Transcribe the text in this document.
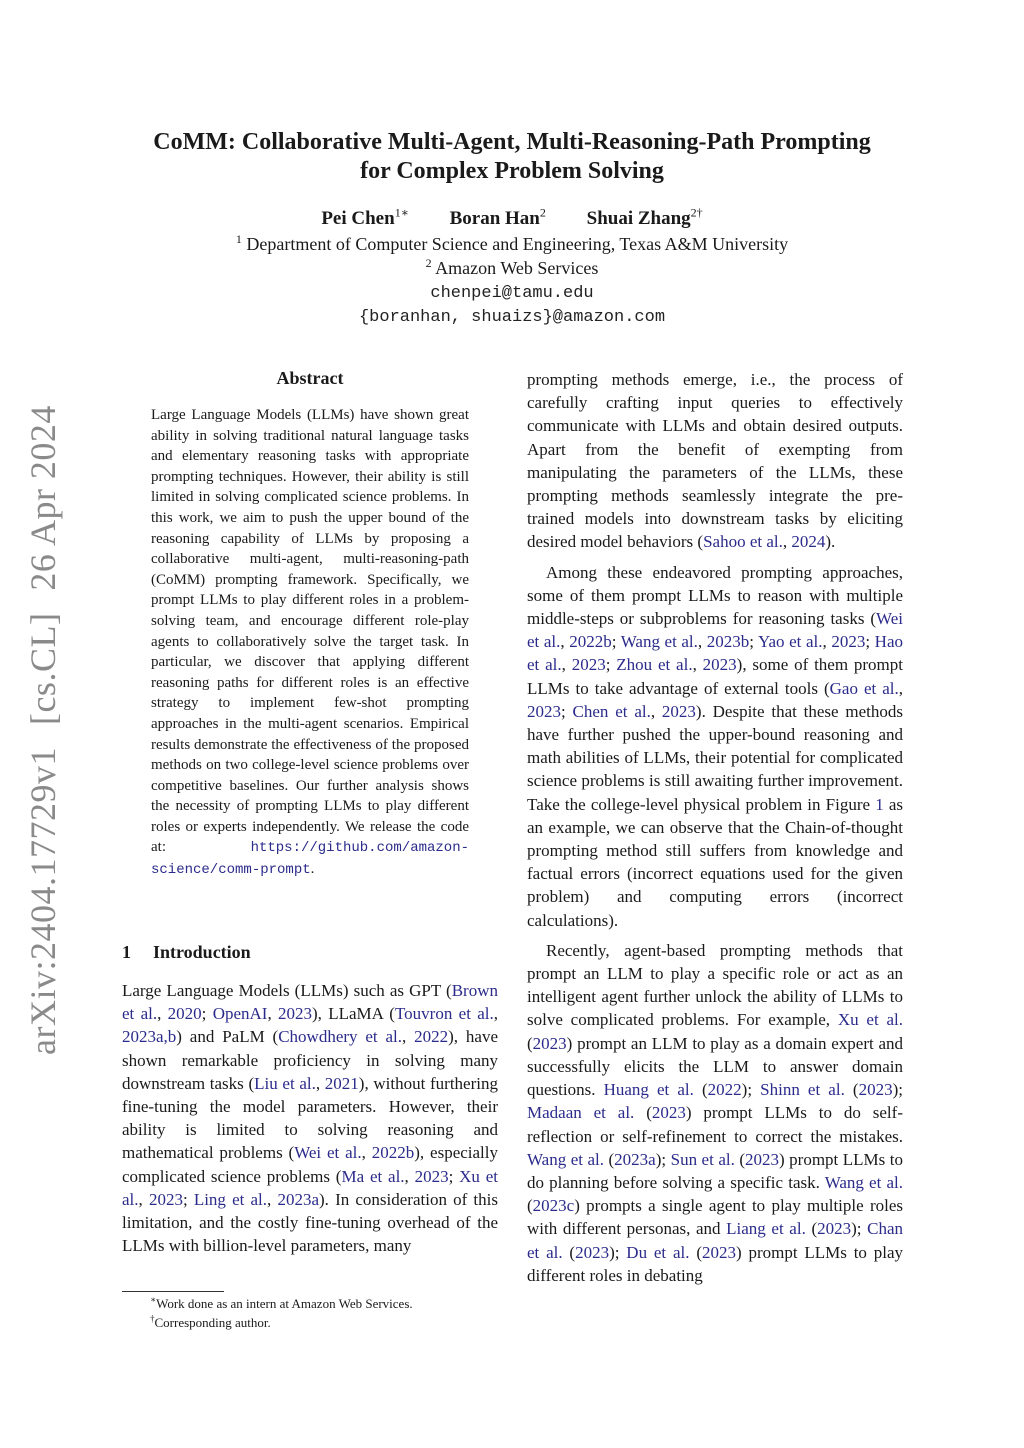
arXiv:2404.17729v1[cs.CL]26 Apr 2024
CoMM: Collaborative Multi-Agent, Multi-Reasoning-Path Prompting
for Complex Problem Solving
Pei Chen$^{1∗}$ Boran Han$^2$ Shuai Zhang$^{2\dagger}$
$^1$ Department of Computer Science and Engineering, Texas A&M University
$^2$ Amazon Web Services
chenpei@tamu.edu
{boranhan, shuaizs}@amazon.com
Abstract
Large Language Models (LLMs) have shown great ability in solving traditional natural language tasks and elementary reasoning tasks with appropriate prompting techniques. However, their ability is still limited in solving complicated science problems. In this work, we aim to push the upper bound of the reasoning capability of LLMs by proposing a collaborative multi-agent, multi-reasoning-path (CoMM) prompting framework. Specifically, we prompt LLMs to play different roles in a problem-solving team, and encourage different role-play agents to collaboratively solve the target task. In particular, we discover that applying different reasoning paths for different roles is an effective strategy to implement few-shot prompting approaches in the multi-agent scenarios. Empirical results demonstrate the effectiveness of the proposed methods on two college-level science problems over competitive baselines. Our further analysis shows the necessity of prompting LLMs to play different roles or experts independently. We release the code at:	https://github.com/amazon-science/comm-prompt.
1 Introduction
Large Language Models (LLMs) such as GPT (Brown et al., 2020; OpenAI, 2023), LLaMA (Touvron et al., 2023a,b) and PaLM (Chowdhery et al., 2022), have shown remarkable proficiency in solving many downstream tasks (Liu et al., 2021), without furthering fine-tuning the model parameters. However, their ability is limited to solving reasoning and mathematical problems (Wei et al., 2022b), especially complicated science problems (Ma et al., 2023; Xu et al., 2023; Ling et al., 2023a). In consideration of this limitation, and the costly fine-tuning overhead of the LLMs with billion-level parameters, many

prompting methods emerge, i.e., the process of carefully crafting input queries to effectively communicate with LLMs and obtain desired outputs. Apart from the benefit of exempting from manipulating the parameters of the LLMs, these prompting methods seamlessly integrate the pre-trained models into downstream tasks by eliciting desired model behaviors (Sahoo et al., 2024).

Among these endeavored prompting approaches, some of them prompt LLMs to reason with multiple middle-steps or subproblems for reasoning tasks (Wei et al., 2022b; Wang et al., 2023b; Yao et al., 2023; Hao et al., 2023; Zhou et al., 2023), some of them prompt LLMs to take advantage of external tools (Gao et al., 2023; Chen et al., 2023). Despite that these methods have further pushed the upper-bound reasoning and math abilities of LLMs, their potential for complicated science problems is still awaiting further improvement. Take the college-level physical problem in Figure 1 as an example, we can observe that the Chain-of-thought prompting method still suffers from knowledge and factual errors (incorrect equations used for the given problem) and computing errors (incorrect calculations).

Recently, agent-based prompting methods that prompt an LLM to play a specific role or act as an intelligent agent further unlock the ability of LLMs to solve complicated problems. For example, Xu et al. (2023) prompt an LLM to play as a domain expert and successfully elicits the LLM to answer domain questions. Huang et al. (2022); Shinn et al. (2023); Madaan et al. (2023) prompt LLMs to do self-reflection or self-refinement to correct the mistakes. Wang et al. (2023a); Sun et al. (2023) prompt LLMs to do planning before solving a specific task. Wang et al. (2023c) prompts a single agent to play multiple roles with different personas, and Liang et al. (2023); Chan et al. (2023); Du et al. (2023) prompt LLMs to play different roles in debating

∗Work done as an intern at Amazon Web Services.
†Corresponding author.
